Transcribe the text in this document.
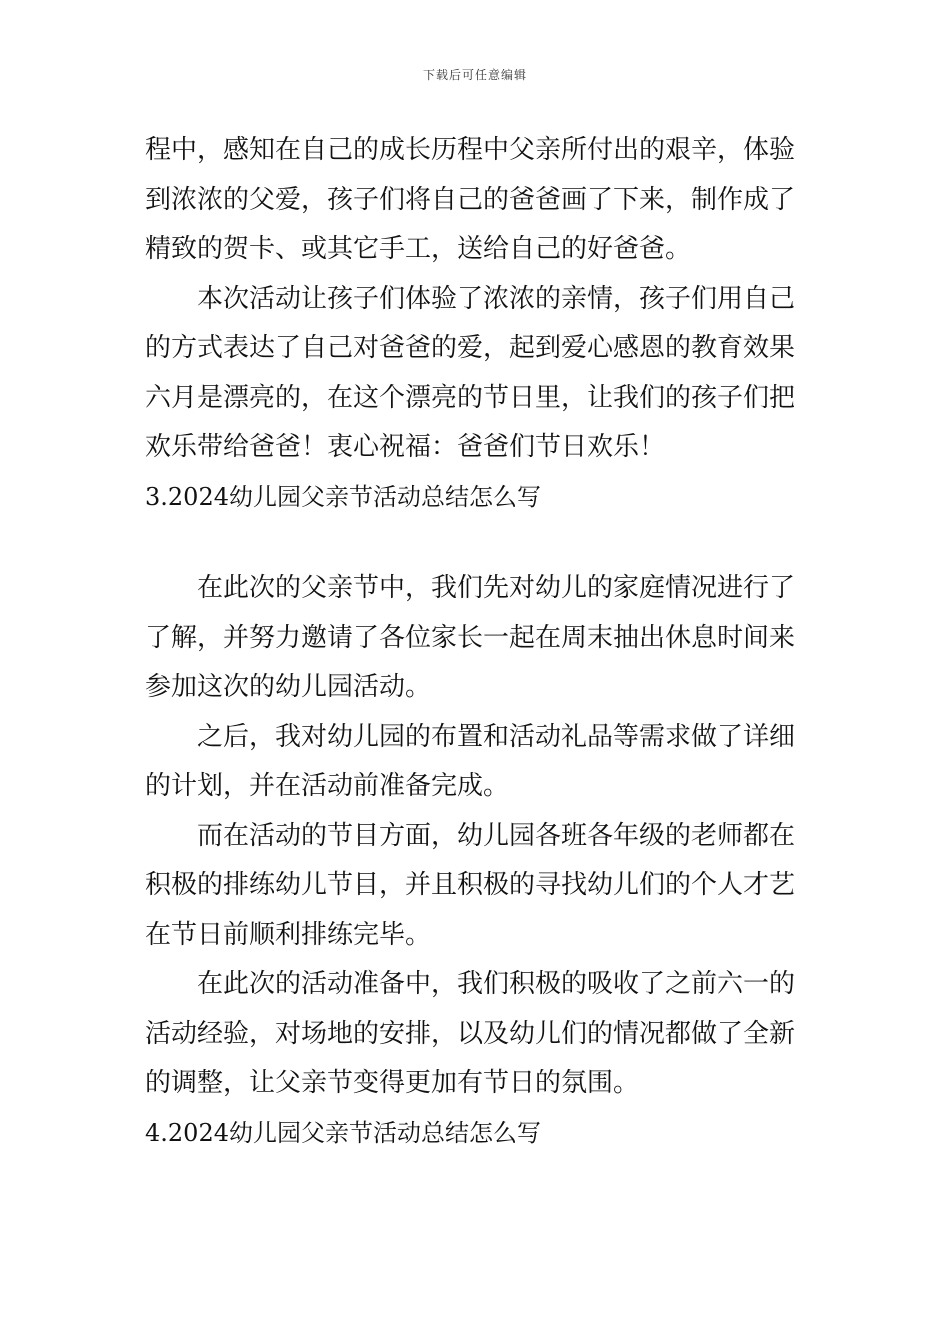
下载后可任意编辑
程中，感知在自己的成长历程中父亲所付出的艰辛，体验
到浓浓的父爱，孩子们将自己的爸爸画了下来，制作成了
精致的贺卡、或其它手工，送给自己的好爸爸。
本次活动让孩子们体验了浓浓的亲情，孩子们用自己
的方式表达了自己对爸爸的爱，起到爱心感恩的教育效果
六月是漂亮的，在这个漂亮的节日里，让我们的孩子们把
欢乐带给爸爸！衷心祝福：爸爸们节日欢乐！
3.2024幼儿园父亲节活动总结怎么写
在此次的父亲节中，我们先对幼儿的家庭情况进行了
了解，并努力邀请了各位家长一起在周末抽出休息时间来
参加这次的幼儿园活动。
之后，我对幼儿园的布置和活动礼品等需求做了详细
的计划，并在活动前准备完成。
而在活动的节目方面，幼儿园各班各年级的老师都在
积极的排练幼儿节目，并且积极的寻找幼儿们的个人才艺
在节日前顺利排练完毕。
在此次的活动准备中，我们积极的吸收了之前六一的
活动经验，对场地的安排，以及幼儿们的情况都做了全新
的调整，让父亲节变得更加有节日的氛围。
4.2024幼儿园父亲节活动总结怎么写
